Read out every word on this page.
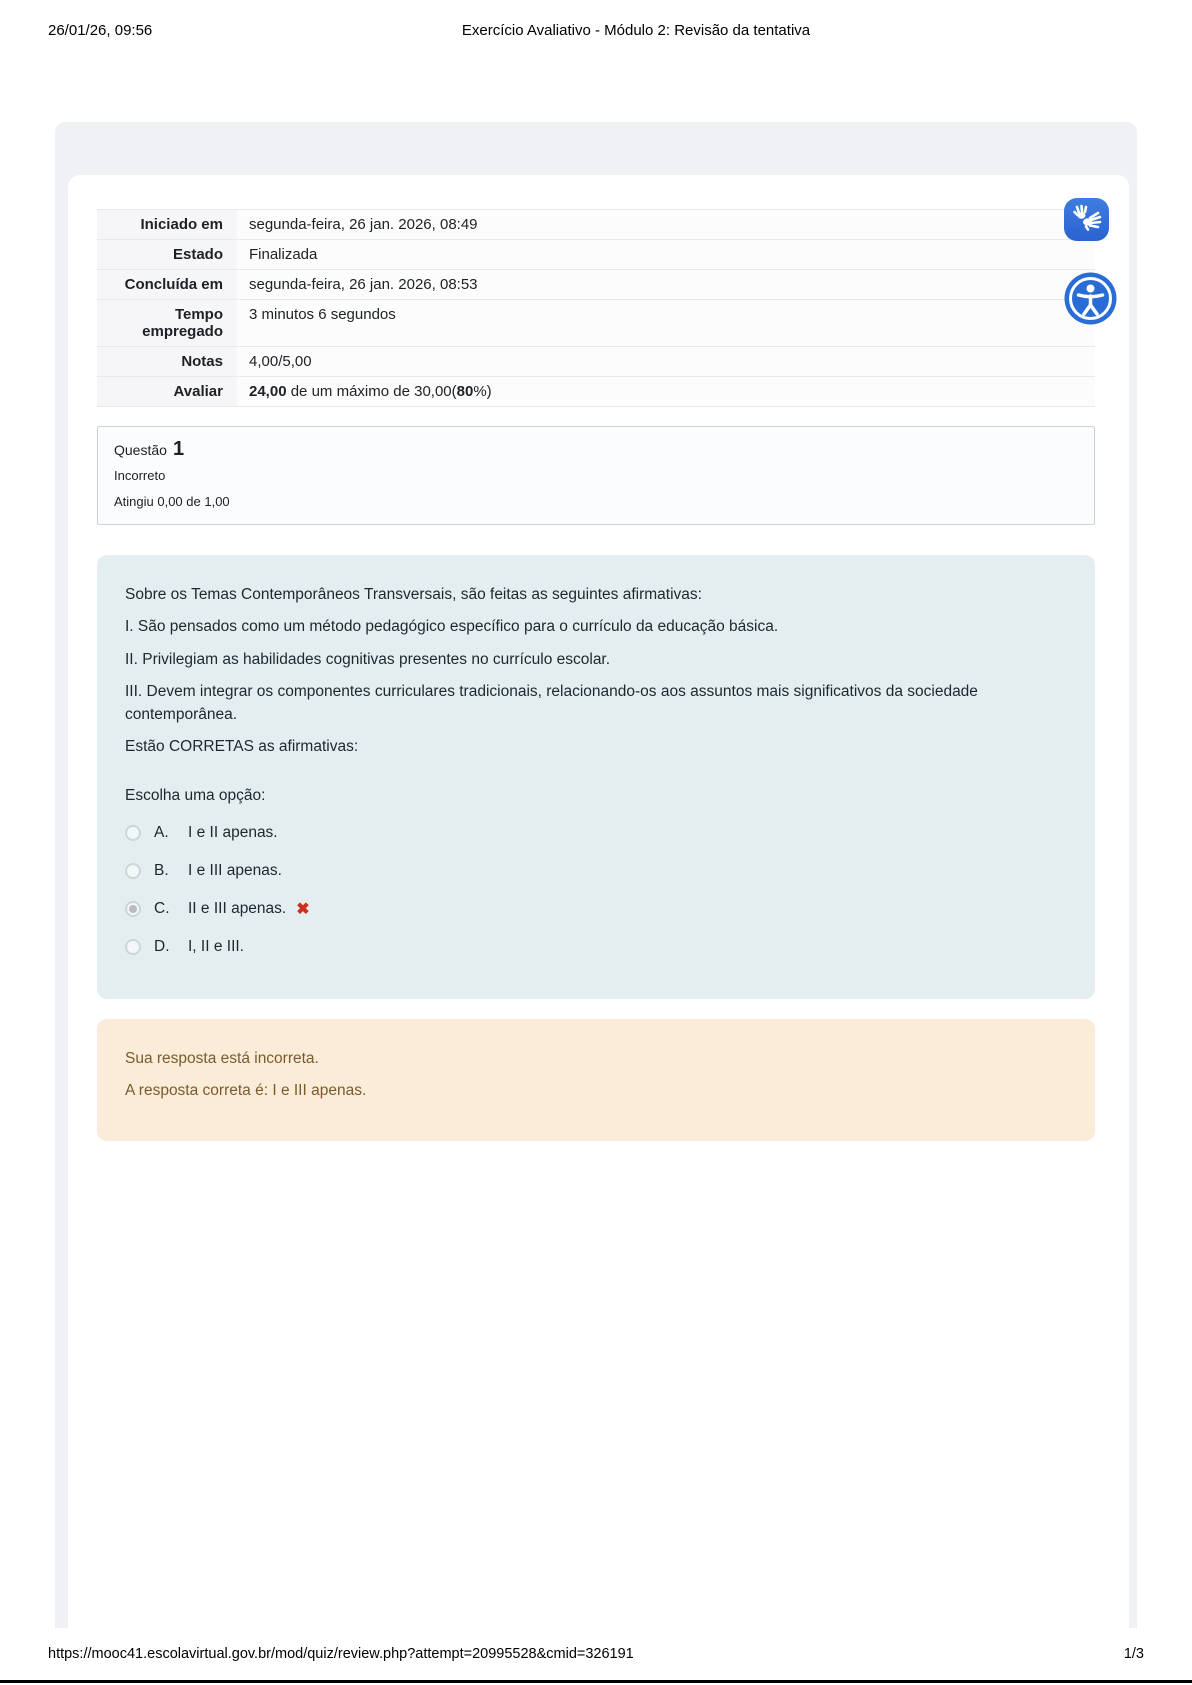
26/01/26, 09:56	Exercício Avaliativo - Módulo 2: Revisão da tentativa
Iniciado em	segunda-feira, 26 jan. 2026, 08:49
Estado	Finalizada
Concluída em	segunda-feira, 26 jan. 2026, 08:53
Tempo empregado	3 minutos 6 segundos
Notas	4,00/5,00
Avaliar	24,00 de um máximo de 30,00(80%)
Questão 1
Incorreto
Atingiu 0,00 de 1,00

Sobre os Temas Contemporâneos Transversais, são feitas as seguintes afirmativas:

I. São pensados como um método pedagógico específico para o currículo da educação básica.

II. Privilegiam as habilidades cognitivas presentes no currículo escolar.

III. Devem integrar os componentes curriculares tradicionais, relacionando-os aos assuntos mais significativos da sociedade contemporânea.

Estão CORRETAS as afirmativas:

Escolha uma opção:

A.	I e II apenas.
B.	I e III apenas.
C.	II e III apenas. ✖
D.	I, II e III.

Sua resposta está incorreta.

A resposta correta é: I e III apenas.

https://mooc41.escolavirtual.gov.br/mod/quiz/review.php?attempt=20995528&cmid=326191	1/3
